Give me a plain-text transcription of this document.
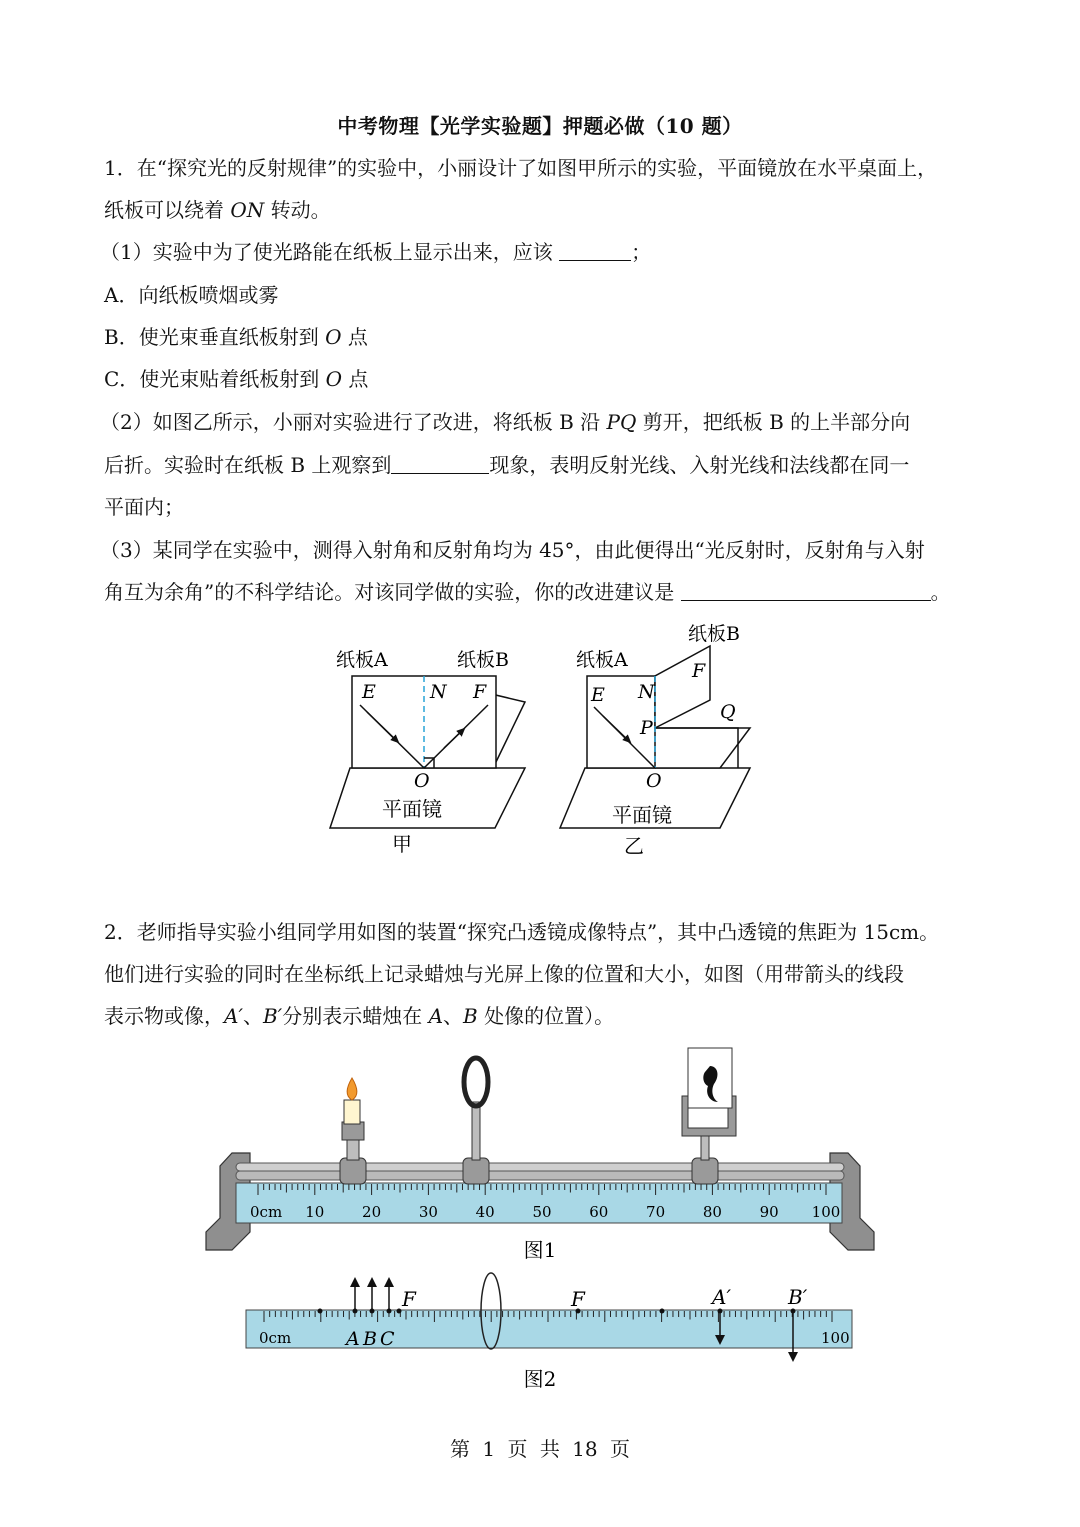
中考物理【光学实验题】押题必做（10 题）
1．在“探究光的反射规律”的实验中，小丽设计了如图甲所示的实验，平面镜放在水平桌面上，
纸板可以绕着 ON 转动。
（1）实验中为了使光路能在纸板上显示出来，应该	；
A．向纸板喷烟或雾
B．使光束垂直纸板射到 O 点
C．使光束贴着纸板射到 O 点
（2）如图乙所示，小丽对实验进行了改进，将纸板 B 沿 PQ 剪开，把纸板 B 的上半部分向
后折。实验时在纸板 B 上观察到	现象，表明反射光线、入射光线和法线都在同一
平面内；
（3）某同学在实验中，测得入射角和反射角均为 45°，由此便得出“光反射时，反射角与入射
角互为余角”的不科学结论。对该同学做的实验，你的改进建议是	。
纸板A	纸板B
E	N F
O
平面镜
甲
纸板A
纸板B
E N
F
P
Q
O
平面镜
乙
2．老师指导实验小组同学用如图的装置“探究凸透镜成像特点”，其中凸透镜的焦距为 15cm。
他们进行实验的同时在坐标纸上记录蜡烛与光屏上像的位置和大小，如图（用带箭头的线段
表示物或像，A′、B′分别表示蜡烛在 A、B 处像的位置）。
0cm 10	20	30	40	50	60	70	80	90 100
图1
0cm	100
F	F
A B C
A′	B′
图2
第 1 页 共 18 页
